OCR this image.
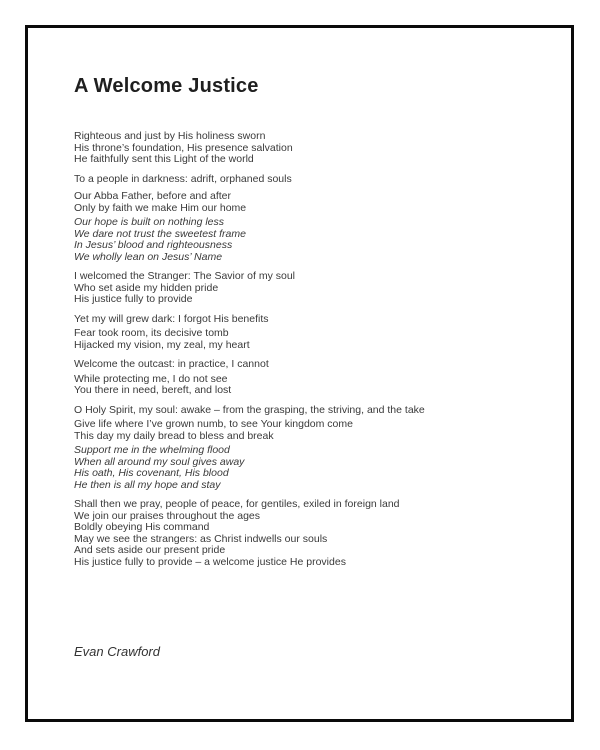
A Welcome Justice

Righteous and just by His holiness sworn
His throne’s foundation, His presence salvation
He faithfully sent this Light of the world

To a people in darkness: adrift, orphaned souls

Our Abba Father, before and after
Only by faith we make Him our home

Our hope is built on nothing less
We dare not trust the sweetest frame
In Jesus’ blood and righteousness
We wholly lean on Jesus’ Name

I welcomed the Stranger: The Savior of my soul
Who set aside my hidden pride
His justice fully to provide

Yet my will grew dark: I forgot His benefits

Fear took room, its decisive tomb
Hijacked my vision, my zeal, my heart

Welcome the outcast: in practice, I cannot

While protecting me, I do not see
You there in need, bereft, and lost

O Holy Spirit, my soul: awake – from the grasping, the striving, and the take

Give life where I’ve grown numb, to see Your kingdom come
This day my daily bread to bless and break

Support me in the whelming flood
When all around my soul gives away
His oath, His covenant, His blood
He then is all my hope and stay

Shall then we pray, people of peace, for gentiles, exiled in foreign land
We join our praises throughout the ages
Boldly obeying His command
May we see the strangers: as Christ indwells our souls
And sets aside our present pride
His justice fully to provide – a welcome justice He provides

Evan Crawford
